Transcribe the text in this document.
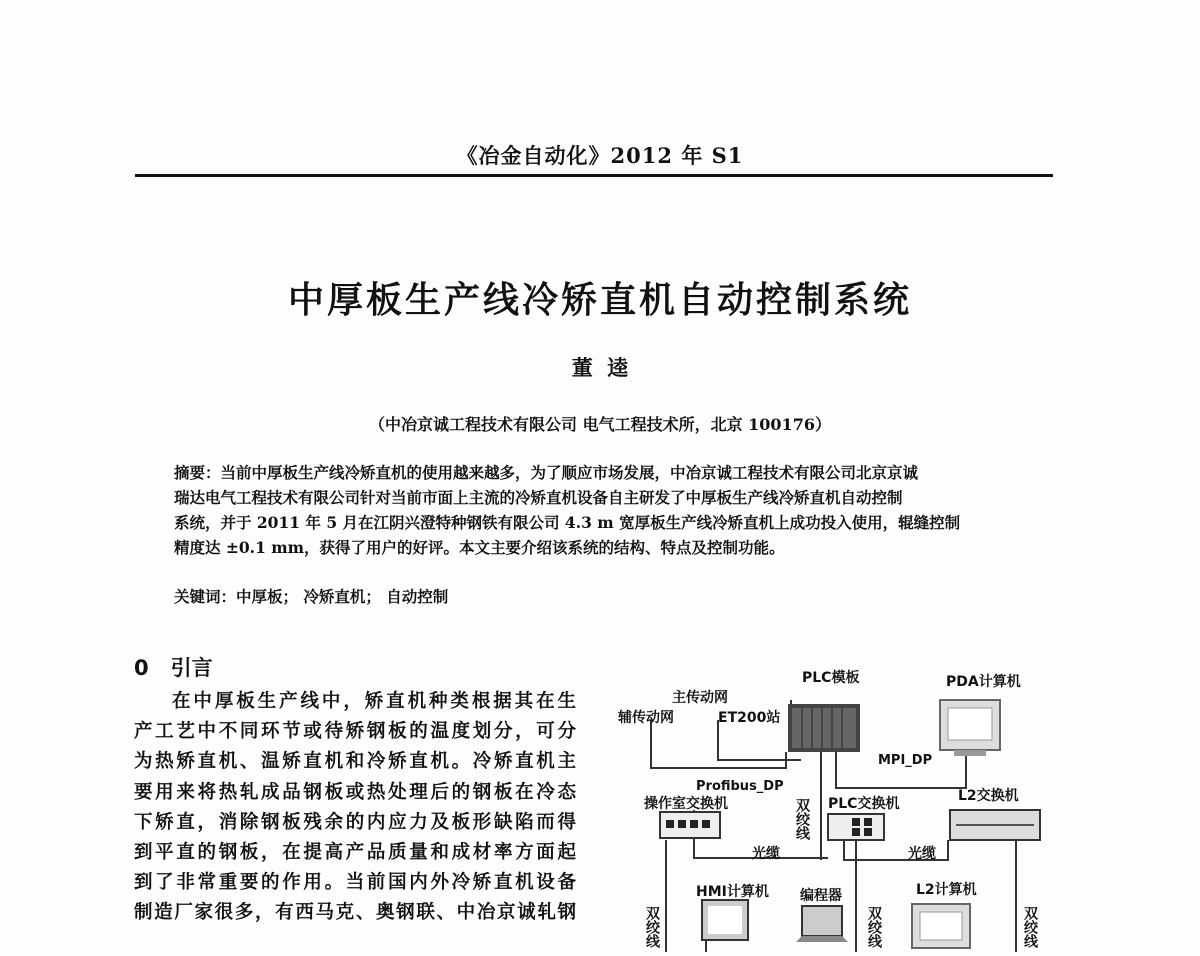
《冶金自动化》2012 年 S1
中厚板生产线冷矫直机自动控制系统
董  逵
（中冶京诚工程技术有限公司 电气工程技术所，北京 100176）
摘要：当前中厚板生产线冷矫直机的使用越来越多，为了顺应市场发展，中冶京诚工程技术有限公司北京京诚
瑞达电气工程技术有限公司针对当前市面上主流的冷矫直机设备自主研发了中厚板生产线冷矫直机自动控制
系统，并于 2011 年 5 月在江阴兴澄特种钢铁有限公司 4.3 m 宽厚板生产线冷矫直机上成功投入使用，辊缝控制
精度达 ±0.1 mm，获得了用户的好评。本文主要介绍该系统的结构、特点及控制功能。
关键词：中厚板； 冷矫直机； 自动控制
0 引言
在中厚板生产线中，矫直机种类根据其在生
产工艺中不同环节或待矫钢板的温度划分，可分
为热矫直机、温矫直机和冷矫直机。冷矫直机主
要用来将热轧成品钢板或热处理后的钢板在冷态
下矫直，消除钢板残余的内应力及板形缺陷而得
到平直的钢板，在提高产品质量和成材率方面起
到了非常重要的作用。当前国内外冷矫直机设备
制造厂家很多，有西马克、奥钢联、中冶京诚轧钢
PLC模板	PDA计算机
主传动网
辅传动网	ET200站
MPI_DP
Profibus_DP
操作室交换机	PLC交换机	L2交换机
光缆	光缆
HMI计算机 编程器	L2计算机
双绞线
双绞线	双绞线	双绞线
